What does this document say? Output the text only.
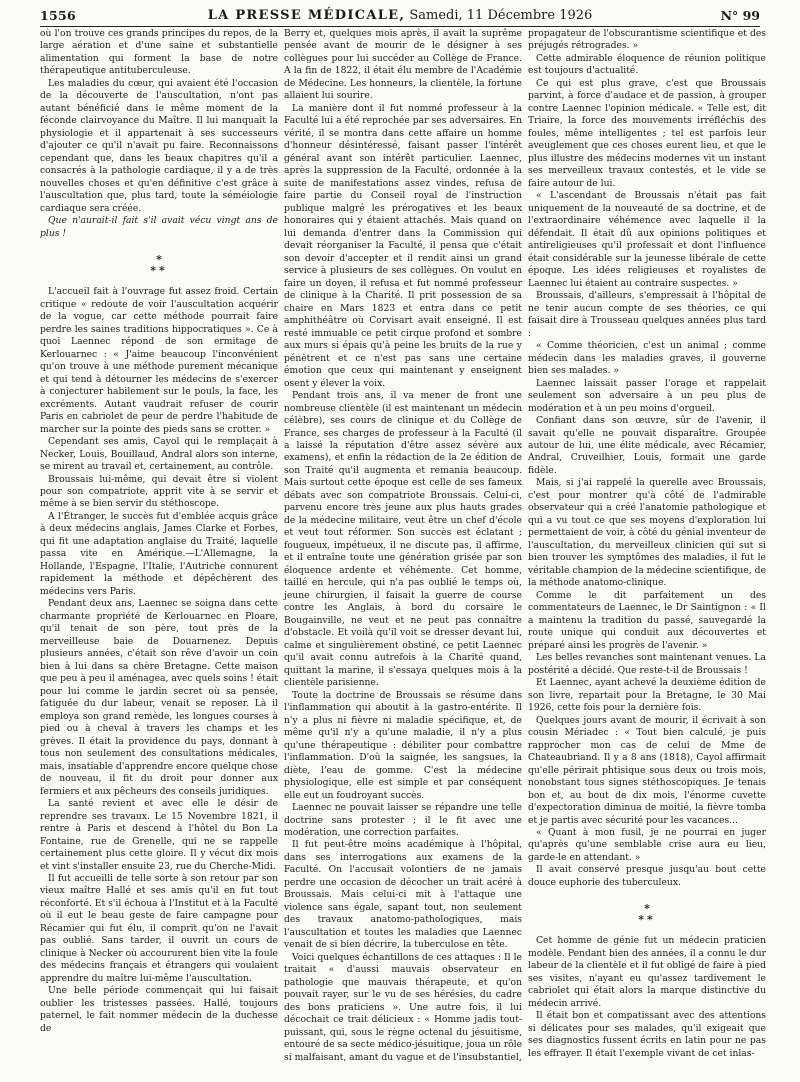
1556	LA PRESSE MÉDICALE, Samedi, 11 Décembre 1926	N° 99

où l'on trouve ces grands principes du repos, de la large aération et d'une saine et substantielle alimentation qui forment la base de notre thérapeutique antituberculeuse.

Les maladies du cœur, qui avaient été l'occasion de la découverte de l'auscultation, n'ont pas autant bénéficié dans le même moment de la féconde clairvoyance du Maître. Il lui manquait la physiologie et il appartenait à ses successeurs d'ajouter ce qu'il n'avait pu faire. Reconnaissons cependant que, dans les beaux chapitres qu'il a consacrés à la pathologie cardiaque, il y a de très nouvelles choses et qu'en définitive c'est grâce à l'auscultation que, plus tard, toute la séméiologie cardiaque sera créée.

Que n'aurait-il fait s'il avait vécu vingt ans de plus !

*
**

L'accueil fait à l'ouvrage fut assez froid. Certain critique « redoute de voir l'auscultation acquérir de la vogue, car cette méthode pourrait faire perdre les saines traditions hippocratiques ». Ce à quoi Laennec répond de son ermitage de Kerlouarnec : « J'aime beaucoup l'inconvénient qu'on trouve à une méthode purement mécanique et qui tend à détourner les médecins de s'exercer à conjecturer habilement sur le pouls, la face, les excréments. Autant vaudrait refuser de courir Paris en cabriolet de peur de perdre l'habitude de marcher sur la pointe des pieds sans se crotter. »

Cependant ses amis, Cayol qui le remplaçait à Necker, Louis, Bouillaud, Andral alors son interne, se mirent au travail et, certainement, au contrôle.

Broussais lui-même, qui devait être si violent pour son compatriote, apprit vite à se servir et même à se bien servir du stéthoscope.

A l'Étranger, le succès fut d'emblée acquis grâce à deux médecins anglais, James Clarke et Forbes, qui fit une adaptation anglaise du Traité, laquelle passa vite en Amérique.—L'Allemagne, la Hollande, l'Espagne, l'Italie, l'Autriche connurent rapidement la méthode et dépêchèrent des médecins vers Paris.

Pendant deux ans, Laennec se soigna dans cette charmante propriété de Kerlouarnec en Ploare, qu'il tenait de son père, tout près de la merveilleuse baie de Douarnenez. Depuis plusieurs années, c'était son rêve d'avoir un coin bien à lui dans sa chère Bretagne. Cette maison que peu à peu il aménagea, avec quels soins ! était pour lui comme le jardin secret où sa pensée, fatiguée du dur labeur, venait se reposer. Là il employa son grand remède, les longues courses à pied ou à cheval à travers les champs et les grèves. Il était la providence du pays, donnant à tous non seulement des consultations médicales, mais, insatiable d'apprendre encore quelque chose de nouveau, il fit du droit pour donner aux fermiers et aux pêcheurs des conseils juridiques.

La santé revient et avec elle le désir de reprendre ses travaux. Le 15 Novembre 1821, il rentre à Paris et descend à l'hôtel du Bon La Fontaine, rue de Grenelle, qui ne se rappelle certainement plus cette gloire. Il y vécut dix mois et vint s'installer ensuite 23, rue du Cherche-Midi.

Il fut accueilli de telle sorte à son retour par son vieux maître Hallé et ses amis qu'il en fut tout réconforté. Et s'il échoua à l'Institut et à la Faculté où il eut le beau geste de faire campagne pour Récamier qui fut élu, il comprit qu'on ne l'avait pas oublié. Sans tarder, il ouvrit un cours de clinique à Necker où accoururent bien vite la foule des médecins français et étrangers qui voulaient apprendre du maître lui-même l'auscultation.

Une belle période commençait qui lui faisait oublier les tristesses passées. Hallé, toujours paternel, le fait nommer médecin de la duchesse de

Berry et, quelques mois après, il avait la suprême pensée avant de mourir de le désigner à ses collègues pour lui succéder au Collège de France. A la fin de 1822, il était élu membre de l'Académie de Médecine. Les honneurs, la clientèle, la fortune allaient lui sourire.

La manière dont il fut nommé professeur à la Faculté lui a été reprochée par ses adversaires. En vérité, il se montra dans cette affaire un homme d'honneur désintéressé, faisant passer l'intérêt général avant son intérêt particulier. Laennec, après la suppression de la Faculté, ordonnée à la suite de manifestations assez vindes, refusa de faire partie du Conseil royal de l'instruction publique malgré les prérogatives et les beaux honoraires qui y étaient attachés. Mais quand on lui demanda d'entrer dans la Commission qui devait réorganiser la Faculté, il pensa que c'était son devoir d'accepter et il rendit ainsi un grand service à plusieurs de ses collègues. On voulut en faire un doyen, il refusa et fut nommé professeur de clinique à la Charité. Il prit possession de sa chaire en Mars 1823 et entra dans ce petit amphithéâtre où Corvisart avait enseigné. Il est resté immuable ce petit cirque profond et sombre aux murs si épais qu'à peine les bruits de la rue y pénètrent et ce n'est pas sans une certaine émotion que ceux qui maintenant y enseignent osent y élever la voix.

Pendant trois ans, il va mener de front une nombreuse clientèle (il est maintenant un médecin célèbre), ses cours de clinique et du Collège de France, ses charges de professeur à la Faculté (il a laissé la réputation d'être assez sévère aux examens), et enfin la rédaction de la 2e édition de son Traité qu'il augmenta et remania beaucoup. Mais surtout cette époque est celle de ses fameux débats avec son compatriote Broussais. Celui-ci, parvenu encore très jeune aux plus hauts grades de la médecine militaire, veut être un chef d'école et veut tout réformer. Son succès est éclatant ; fougueux, impétueux, il ne discute pas, il affirme, et il entraîne toute une génération grisée par son éloquence ardente et véhémente. Cet homme, taillé en hercule, qui n'a pas oublié le temps où, jeune chirurgien, il faisait la guerre de course contre les Anglais, à bord du corsaire le Bougainville, ne veut et ne peut pas connaître d'obstacle. Et voilà qu'il voit se dresser devant lui, calme et singulièrement obstiné, ce petit Laennec qu'il avait connu autrefois à la Charité quand, quittant la marine, il s'essaya quelques mois à la clientèle parisienne.

Toute la doctrine de Broussais se résume dans l'inflammation qui aboutit à la gastro-entérite. Il n'y a plus ni fièvre ni maladie spécifique, et, de même qu'il n'y a qu'une maladie, il n'y a plus qu'une thérapeutique : débiliter pour combattre l'inflammation. D'où la saignée, les sangsues, la diète, l'eau de gomme. C'est la médecine physiologique, elle est simple et par conséquent elle eut un foudroyant succès.

Laennec ne pouvait laisser se répandre une telle doctrine sans protester ; il le fit avec une modération, une correction parfaites.

Il fut peut-être moins académique à l'hôpital, dans ses interrogations aux examens de la Faculté. On l'accusait volontiers de ne jamais perdre une occasion de décocher un trait acéré à Broussais. Mais celui-ci mit à l'attaque une violence sans égale, sapant tout, non seulement des travaux anatomo-pathologiques, mais l'auscultation et toutes les maladies que Laennec venait de si bien décrire, la tuberculose en tête.

Voici quelques échantillons de ces attaques : Il le traitait « d'aussi mauvais observateur en pathologie que mauvais thérapeute, et qu'on pouvait rayer, sur le vu de ses hérésies, du cadre des bons praticiens ». Une autre fois, il lui décochait ce trait délicieux : « Homme jadis tout-puissant, qui, sous le règne octenal du jésuitisme, entouré de sa secte médico-jésuitique, joua un rôle si malfaisant, amant du vague et de l'insubstantiel,

propagateur de l'obscurantisme scientifique et des préjugés rétrogrades. »

Cette admirable éloquence de réunion politique est toujours d'actualité.

Ce qui est plus grave, c'est que Broussais parvint, à force d'audace et de passion, à grouper contre Laennec l'opinion médicale. « Telle est, dit Triaire, la force des mouvements irréfléchis des foules, même intelligentes ; tel est parfois leur aveuglement que ces choses eurent lieu, et que le plus illustre des médecins modernes vit un instant ses merveilleux travaux contestés, et le vide se faire autour de lui.

« L'ascendant de Broussais n'était pas fait uniquement de la nouveauté de sa doctrine, et de l'extraordinaire véhémence avec laquelle il la défendait. Il était dû aux opinions politiques et antireligieuses qu'il professait et dont l'influence était considérable sur la jeunesse libérale de cette époque. Les idées religieuses et royalistes de Laennec lui étaient au contraire suspectes. »

Broussais, d'ailleurs, s'empressait à l'hôpital de ne tenir aucun compte de ses théories, ce qui faisait dire à Trousseau quelques années plus tard :

« Comme théoricien, c'est un animal ; comme médecin dans les maladies graves, il gouverne bien ses malades. »

Laennec laissait passer l'orage et rappelait seulement son adversaire à un peu plus de modération et à un peu moins d'orgueil.

Confiant dans son œuvre, sûr de l'avenir, il savait qu'elle ne pouvait disparaître. Groupée autour de lui, une élite médicale, avec Récamier, Andral, Cruveilhier, Louis, formait une garde fidèle.

Mais, si j'ai rappelé la querelle avec Broussais, c'est pour montrer qu'à côté de l'admirable observateur qui a créé l'anatomie pathologique et qui a vu tout ce que ses moyens d'exploration lui permettaient de voir, à côté du génial inventeur de l'auscultation, du merveilleux clinicien qui sut si bien trouver les symptômes des maladies, il fut le véritable champion de la médecine scientifique, de la méthode anatomo-clinique.

Comme le dit parfaitement un des commentateurs de Laennec, le Dr Saintignon : « Il a maintenu la tradition du passé, sauvegardé la route unique qui conduit aux découvertes et préparé ainsi les progrès de l'avenir. »

Les belles revanches sont maintenant venues. La postérité a décidé. Que reste-t-il de Broussais !

Et Laennec, ayant achevé la deuxième édition de son livre, repartait pour la Bretagne, le 30 Mai 1926, cette fois pour la dernière fois.

Quelques jours avant de mourir, il écrivait à son cousin Mériadec : « Tout bien calculé, je puis rapprocher mon cas de celui de Mme de Chateaubriand. Il y a 8 ans (1818), Cayol affirmait qu'elle périrait phtisique sous deux ou trois mois, nonobstant tous signes stéthoscopiques. Je tenais bon et, au bout de dix mois, l'énorme cuvette d'expectoration diminua de moitié, la fièvre tomba et je partis avec sécurité pour les vacances...

« Quant à mon fusil, je ne pourrai en juger qu'après qu'une semblable crise aura eu lieu, garde-le en attendant. »

Il avait conservé presque jusqu'au bout cette douce euphorie des tuberculeux.

*
**

Cet homme de génie fut un médecin praticien modèle. Pendant bien des années, il a connu le dur labeur de la clientèle et il fut obligé de faire à pied ses visites, n'ayant eu qu'assez tardivement le cabriolet qui était alors la marque distinctive du médecin arrivé.

Il était bon et compatissant avec des attentions si délicates pour ses malades, qu'il exigeait que ses diagnostics fussent écrits en latin pour ne pas les effrayer. Il était l'exemple vivant de cet inlas-
